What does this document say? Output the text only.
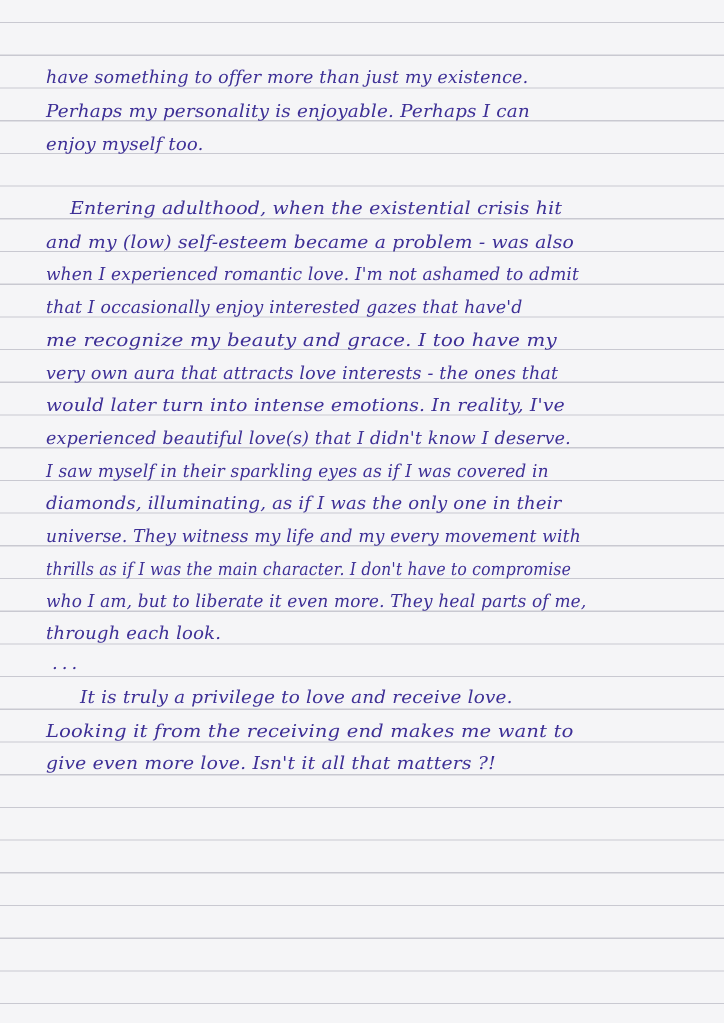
have something to offer more than just my existence.
Perhaps my personality is enjoyable. Perhaps I can
enjoy myself too.
Entering adulthood, when the existential crisis hit
and my (low) self-esteem became a problem - was also
when I experienced romantic love. I'm not ashamed to admit
that I occasionally enjoy interested gazes that have'd
me recognize my beauty and grace. I too have my
very own aura that attracts love interests - the ones that
would later turn into intense emotions. In reality, I've
experienced beautiful love(s) that I didn't know I deserve.
I saw myself in their sparkling eyes as if I was covered in
diamonds, illuminating, as if I was the only one in their
universe. They witness my life and my every movement with
thrills as if I was the main character. I don't have to compromise
who I am, but to liberate it even more. They heal parts of me,
through each look.
...
It is truly a privilege to love and receive love.
Looking it from the receiving end makes me want to
give even more love. Isn't it all that matters ?!
